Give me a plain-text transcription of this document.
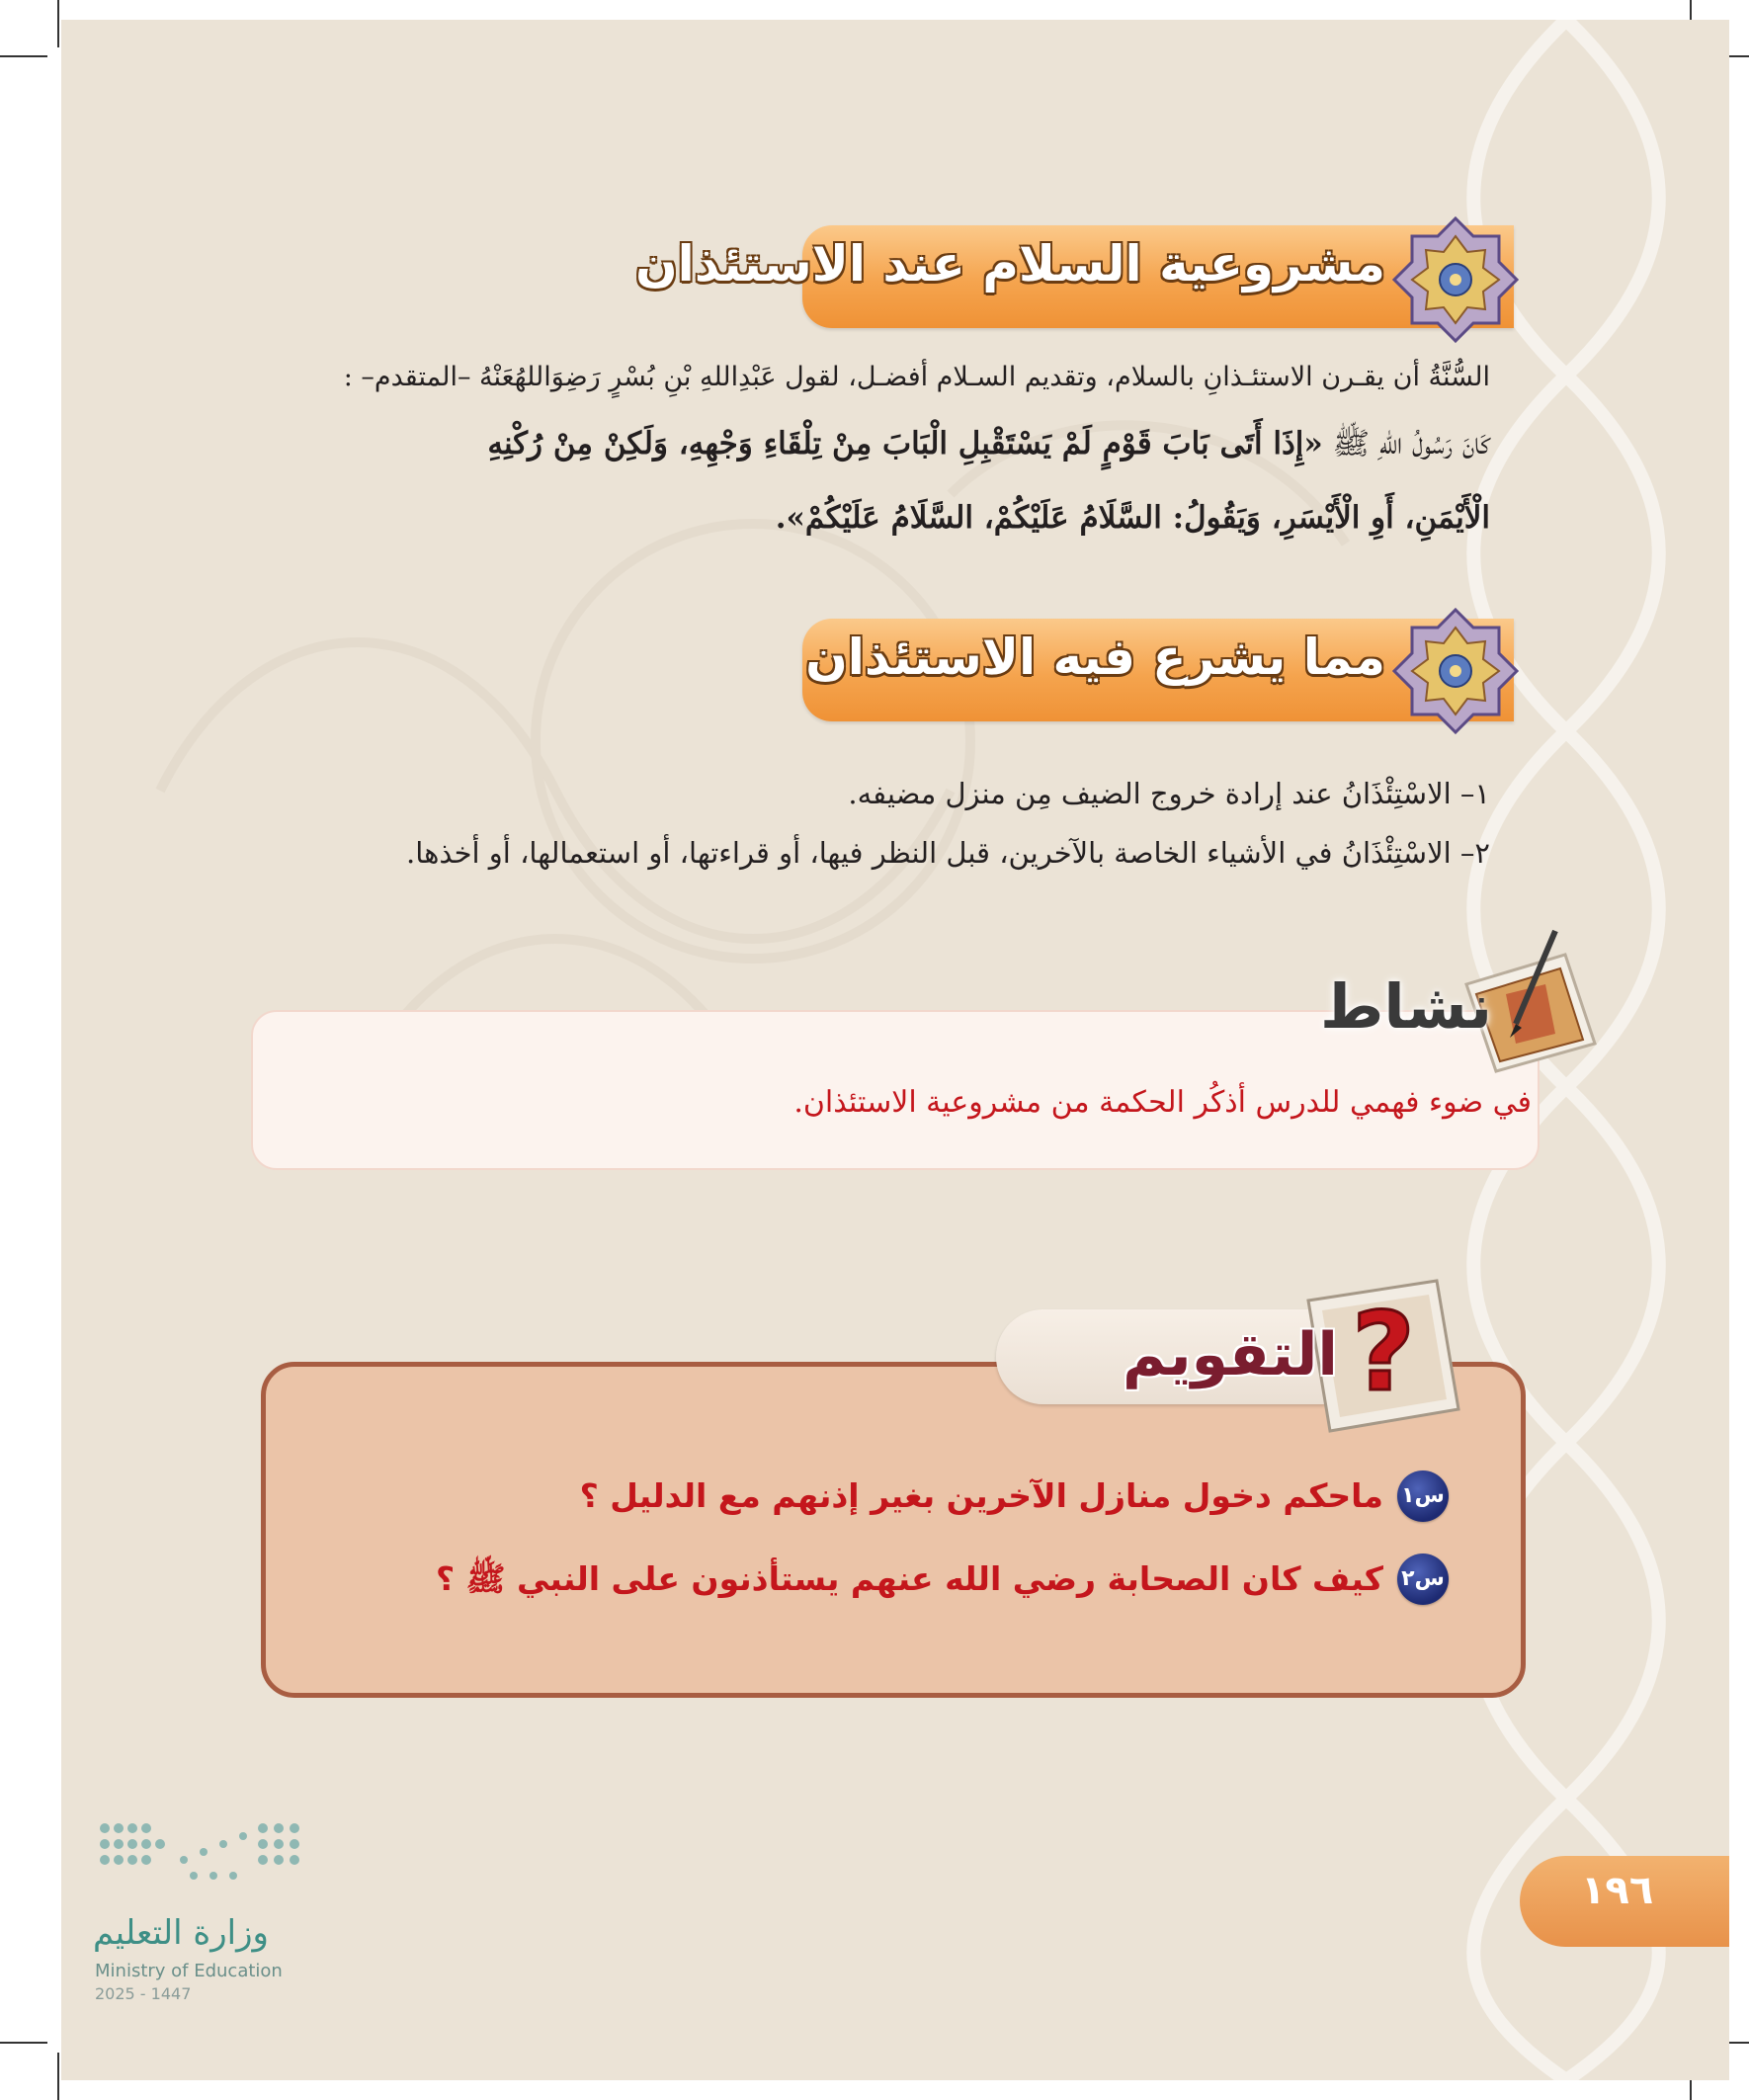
مشروعية السلام عند الاستئذان
السُّنَّةُ أن يقـرن الاستئـذانِ بالسلام، وتقديم السـلام أفضـل، لقول عَبْدِاللهِ بْنِ بُسْرٍ رَضِوَاللهُعَنْهُ –المتقدم– :
كَانَ رَسُولُ اللهِ ﷺ «إِذَا أَتَى بَابَ قَوْمٍ لَمْ يَسْتَقْبِلِ الْبَابَ مِنْ تِلْقَاءِ وَجْهِهِ، وَلَكِنْ مِنْ رُكْنِهِ
الْأَيْمَنِ، أَوِ الْأَيْسَرِ، وَيَقُولُ: السَّلَامُ عَلَيْكُمْ، السَّلَامُ عَلَيْكُمْ».
مما يشرع فيه الاستئذان
١– الاسْتِئْذَانُ عند إرادة خروج الضيف مِن منزل مضيفه.
٢– الاسْتِئْذَانُ في الأشياء الخاصة بالآخرين، قبل النظر فيها، أو قراءتها، أو استعمالها، أو أخذها.
نشاط
في ضوء فهمي للدرس أذكُر الحكمة من مشروعية الاستئذان.
?
التقويم
س١
ماحكم دخول منازل الآخرين بغير إذنهم مع الدليل ؟
س٢
كيف كان الصحابة رضي الله عنهم يستأذنون على النبي ﷺ ؟
١٩٦
وزارة التعليم
Ministry of Education
2025 - 1447
